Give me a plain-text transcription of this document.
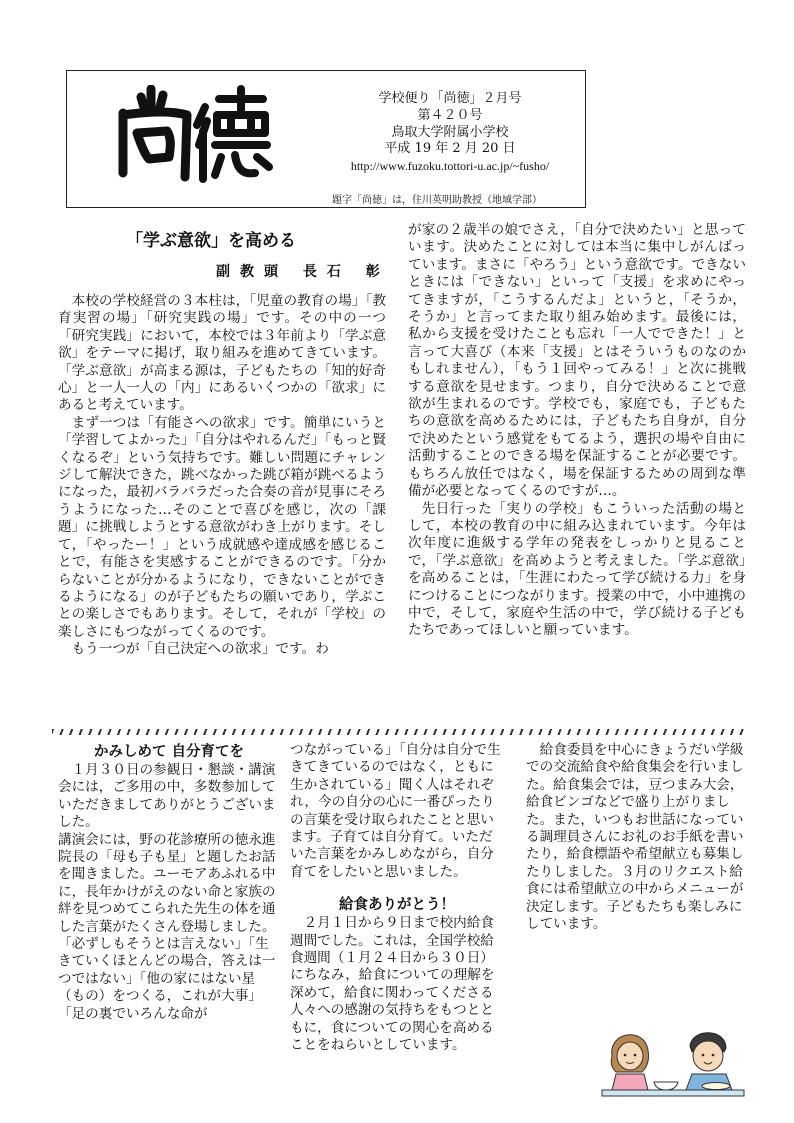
学校便り「尚徳」２月号
第４２０号
鳥取大学附属小学校
平成 19 年 2 月 20 日
http://www.fuzoku.tottori-u.ac.jp/~fusho/
題字「尚徳」は，住川英明助教授（地域学部）
「学ぶ意欲」を高める
副教頭 長石 彰

本校の学校経営の３本柱は，「児童の教育の場」「教育実習の場」「研究実践の場」です。その中の一つ「研究実践」において，本校では３年前より「学ぶ意欲」をテーマに掲げ，取り組みを進めてきています。「学ぶ意欲」が高まる源は，子どもたちの「知的好奇心」と一人一人の「内」にあるいくつかの「欲求」にあると考えています。

まず一つは「有能さへの欲求」です。簡単にいうと「学習してよかった」「自分はやれるんだ」「もっと賢くなるぞ」という気持ちです。難しい問題にチャレンジして解決できた，跳べなかった跳び箱が跳べるようになった，最初バラバラだった合奏の音が見事にそろうようになった…そのことで喜びを感じ，次の「課題」に挑戦しようとする意欲がわき上がります。そして，「やったー！」という成就感や達成感を感じることで，有能さを実感することができるのです。「分からないことが分かるようになり，できないことができるようになる」のが子どもたちの願いであり，学ぶことの楽しさでもあります。そして，それが「学校」の楽しさにもつながってくるのです。

もう一つが「自己決定への欲求」です。わ

が家の２歳半の娘でさえ，「自分で決めたい」と思っています。決めたことに対しては本当に集中しがんばっています。まさに「やろう」という意欲です。できないときには「できない」といって「支援」を求めにやってきますが，「こうするんだよ」というと，「そうか，そうか」と言ってまた取り組み始めます。最後には，私から支援を受けたことも忘れ「一人でできた！」と言って大喜び（本来「支援」とはそういうものなのかもしれません），「もう１回やってみる！」と次に挑戦する意欲を見せます。つまり，自分で決めることで意欲が生まれるのです。学校でも，家庭でも，子どもたちの意欲を高めるためには，子どもたち自身が，自分で決めたという感覚をもてるよう，選択の場や自由に活動することのできる場を保証することが必要です。もちろん放任ではなく，場を保証するための周到な準備が必要となってくるのですが…。

先日行った「実りの学校」もこういった活動の場として，本校の教育の中に組み込まれています。今年は次年度に進級する学年の発表をしっかりと見ることで，「学ぶ意欲」を高めようと考えました。「学ぶ意欲」を高めることは，「生涯にわたって学び続ける力」を身につけることにつながります。授業の中で，小中連携の中で，そして，家庭や生活の中で，学び続ける子どもたちであってほしいと願っています。

かみしめて 自分育てを

１月３０日の参観日・懇談・講演会には，ご多用の中，多数参加していただきましてありがとうございました。

講演会には，野の花診療所の徳永進院長の「母も子も星」と題したお話を聞きました。ユーモアあふれる中に，長年かけがえのない命と家族の絆を見つめてこられた先生の体を通した言葉がたくさん登場しました。「必ずしもそうとは言えない」「生きていくほとんどの場合，答えは一つではない」「他の家にはない星（もの）をつくる，これが大事」「足の裏でいろんな命が

つながっている」「自分は自分で生きてきているのではなく，ともに生かされている」聞く人はそれぞれ，今の自分の心に一番ぴったりの言葉を受け取られたことと思います。子育ては自分育て。いただいた言葉をかみしめながら，自分育てをしたいと思いました。

給食ありがとう！

２月１日から９日まで校内給食週間でした。これは，全国学校給食週間（１月２４日から３０日）にちなみ，給食についての理解を深めて，給食に関わってくださる人々への感謝の気持ちをもつとともに，食についての関心を高めることをねらいとしています。

給食委員を中心にきょうだい学級での交流給食や給食集会を行いました。給食集会では，豆つまみ大会，給食ビンゴなどで盛り上がりました。また，いつもお世話になっている調理員さんにお礼のお手紙を書いたり，給食標語や希望献立も募集したりしました。３月のリクエスト給食には希望献立の中からメニューが決定します。子どもたちも楽しみにしています。
